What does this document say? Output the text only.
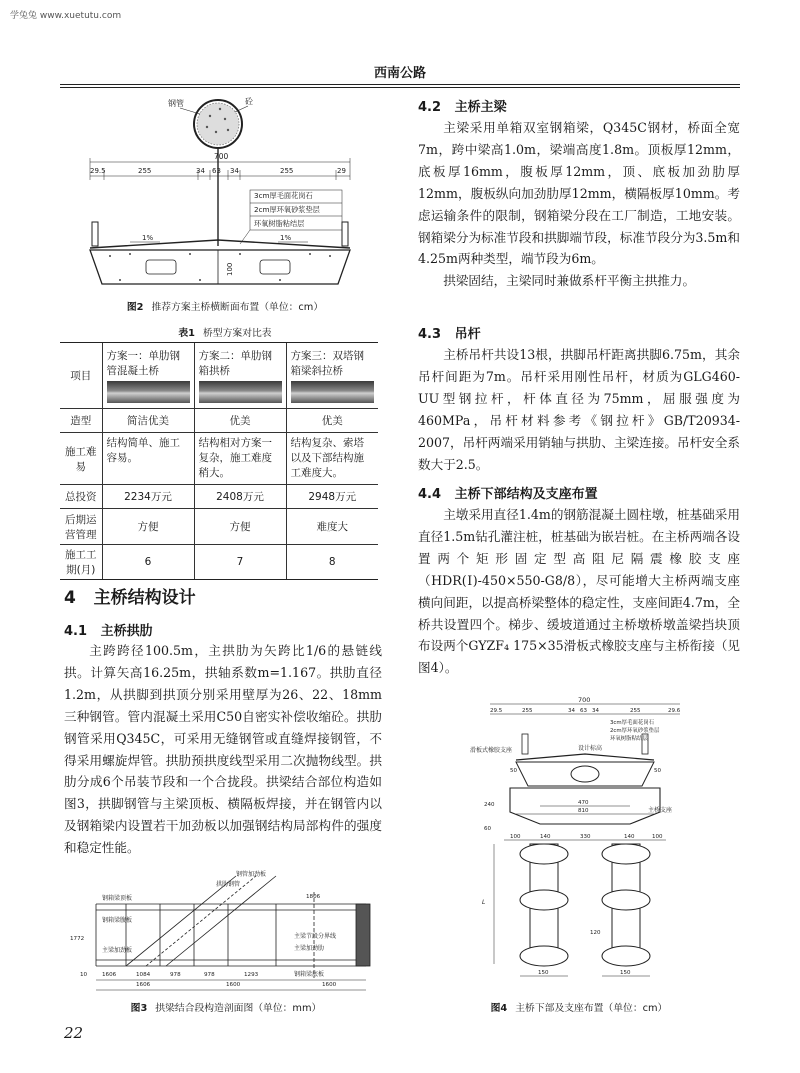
学兔兔 www.xuetutu.com
西南公路
钢管	砼
700
29.5	255	34 63 34	255	29
3cm厚毛面花岗石
2cm厚环氧砂浆垫层
环氧树脂粘结层
1%	1%
100
图2 推荐方案主桥横断面布置（单位：cm）
表1 桥型方案对比表
项目	方案一：单肋钢管混凝土桥	方案二：单肋钢箱拱桥	方案三：双塔钢箱梁斜拉桥

造型	简洁优美	优美	优美
施工难易	结构简单、施工容易。	结构相对方案一复杂，施工难度稍大。	结构复杂、索塔以及下部结构施工难度大。
总投资	2234万元	2408万元	2948万元
后期运营管理	方便	方便	难度大
施工工期(月)	6	7	8
4 主桥结构设计
4.1 主桥拱肋

主跨跨径100.5m，主拱肋为矢跨比1/6的悬链线拱。计算矢高16.25m，拱轴系数m=1.167。拱肋直径1.2m，从拱脚到拱顶分别采用壁厚为26、22、18mm三种钢管。管内混凝土采用C50自密实补偿收缩砼。拱肋钢管采用Q345C，可采用无缝钢管或直缝焊接钢管，不得采用螺旋焊管。拱肋预拱度线型采用二次抛物线型。拱肋分成6个吊装节段和一个合拢段。拱梁结合部位构造如图3，拱脚钢管与主梁顶板、横隔板焊接，并在钢管内以及钢箱梁内设置若干加劲板以加强钢结构局部构件的强度和稳定性能。

钢管加劲板
拱肋钢管
钢箱梁顶板
钢箱梁腹板
主梁加劲板
主梁节段分界线
主梁加劲肋
钢箱梁底板
1806
1606	1084	978	978	1293
1606	1600	1600
1772
10
图3 拱梁结合段构造剖面图（单位：mm）
22
4.2 主桥主梁

主梁采用单箱双室钢箱梁，Q345C钢材，桥面全宽7m，跨中梁高1.0m，梁端高度1.8m。顶板厚12mm，底板厚16mm，腹板厚12mm，顶、底板加劲肋厚12mm，腹板纵向加劲肋厚12mm，横隔板厚10mm。考虑运输条件的限制，钢箱梁分段在工厂制造，工地安装。钢箱梁分为标准节段和拱脚端节段，标准节段分为3.5m和4.25m两种类型，端节段为6m。

拱梁固结，主梁同时兼做系杆平衡主拱推力。

4.3 吊杆

主桥吊杆共设13根，拱脚吊杆距离拱脚6.75m，其余吊杆间距为7m。吊杆采用刚性吊杆，材质为GLG460-UU型钢拉杆，杆体直径为75mm，屈服强度为460MPa，吊杆材料参考《钢拉杆》GB/T20934-2007，吊杆两端采用销轴与拱肋、主梁连接。吊杆安全系数大于2.5。

4.4 主桥下部结构及支座布置

主墩采用直径1.4m的钢筋混凝土圆柱墩，桩基础采用直径1.5m钻孔灌注桩，桩基础为嵌岩桩。在主桥两端各设置两个矩形固定型高阻尼隔震橡胶支座（HDR(Ⅰ)-450×550-G8/8），尽可能增大主桥两端支座横向间距，以提高桥梁整体的稳定性，支座间距4.7m，全桥共设置四个。梯步、缓坡道通过主桥墩桥墩盖梁挡块顶布设两个GYZF₄ 175×35滑板式橡胶支座与主桥衔接（见图4）。

700
29.5	255	34 63 34	255	29.6
3cm厚毛面花岗石
2cm厚环氧砂浆垫层
环氧树脂粘结层
滑板式橡胶支座	设计标高
50	50
主桥支座
470
810
240
60
100	140	330	140	100
L
120
150	150
图4 主桥下部及支座布置（单位：cm）
